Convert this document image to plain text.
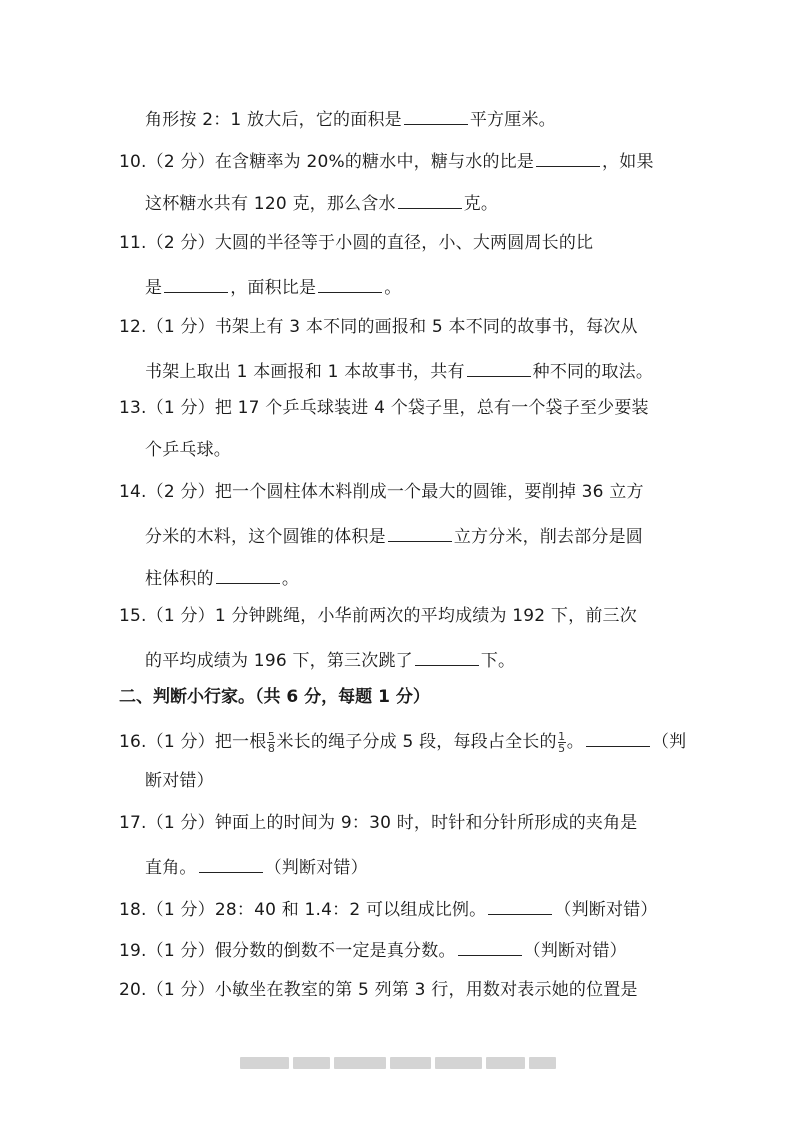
角形按 2：1 放大后，它的面积是	平方厘米。
10.（2 分）在含糖率为 20%的糖水中，糖与水的比是	，如果
这杯糖水共有 120 克，那么含水	克。
11.（2 分）大圆的半径等于小圆的直径，小、大两圆周长的比
是	，面积比是	。
12.（1 分）书架上有 3 本不同的画报和 5 本不同的故事书，每次从
书架上取出 1 本画报和 1 本故事书，共有	种不同的取法。
13.（1 分）把 17 个乒乓球装进 4 个袋子里，总有一个袋子至少要装
个乒乓球。
14.（2 分）把一个圆柱体木料削成一个最大的圆锥，要削掉 36 立方
分米的木料，这个圆锥的体积是	立方分米，削去部分是圆
柱体积的	。
15.（1 分）1 分钟跳绳，小华前两次的平均成绩为 192 下，前三次
的平均成绩为 196 下，第三次跳了	下。
二、判断小行家。（共 6 分，每题 1 分）
16.（1 分）把一根 $\frac{5}{8}$ 米长的绳子分成 5 段，每段占全长的 $\frac{1}{5}$ 。	（判
断对错）
17.（1 分）钟面上的时间为 9：30 时，时针和分针所形成的夹角是
直角。	（判断对错）
18.（1 分）28：40 和 1.4：2 可以组成比例。	（判断对错）
19.（1 分）假分数的倒数不一定是真分数。	（判断对错）
20.（1 分）小敏坐在教室的第 5 列第 3 行，用数对表示她的位置是
